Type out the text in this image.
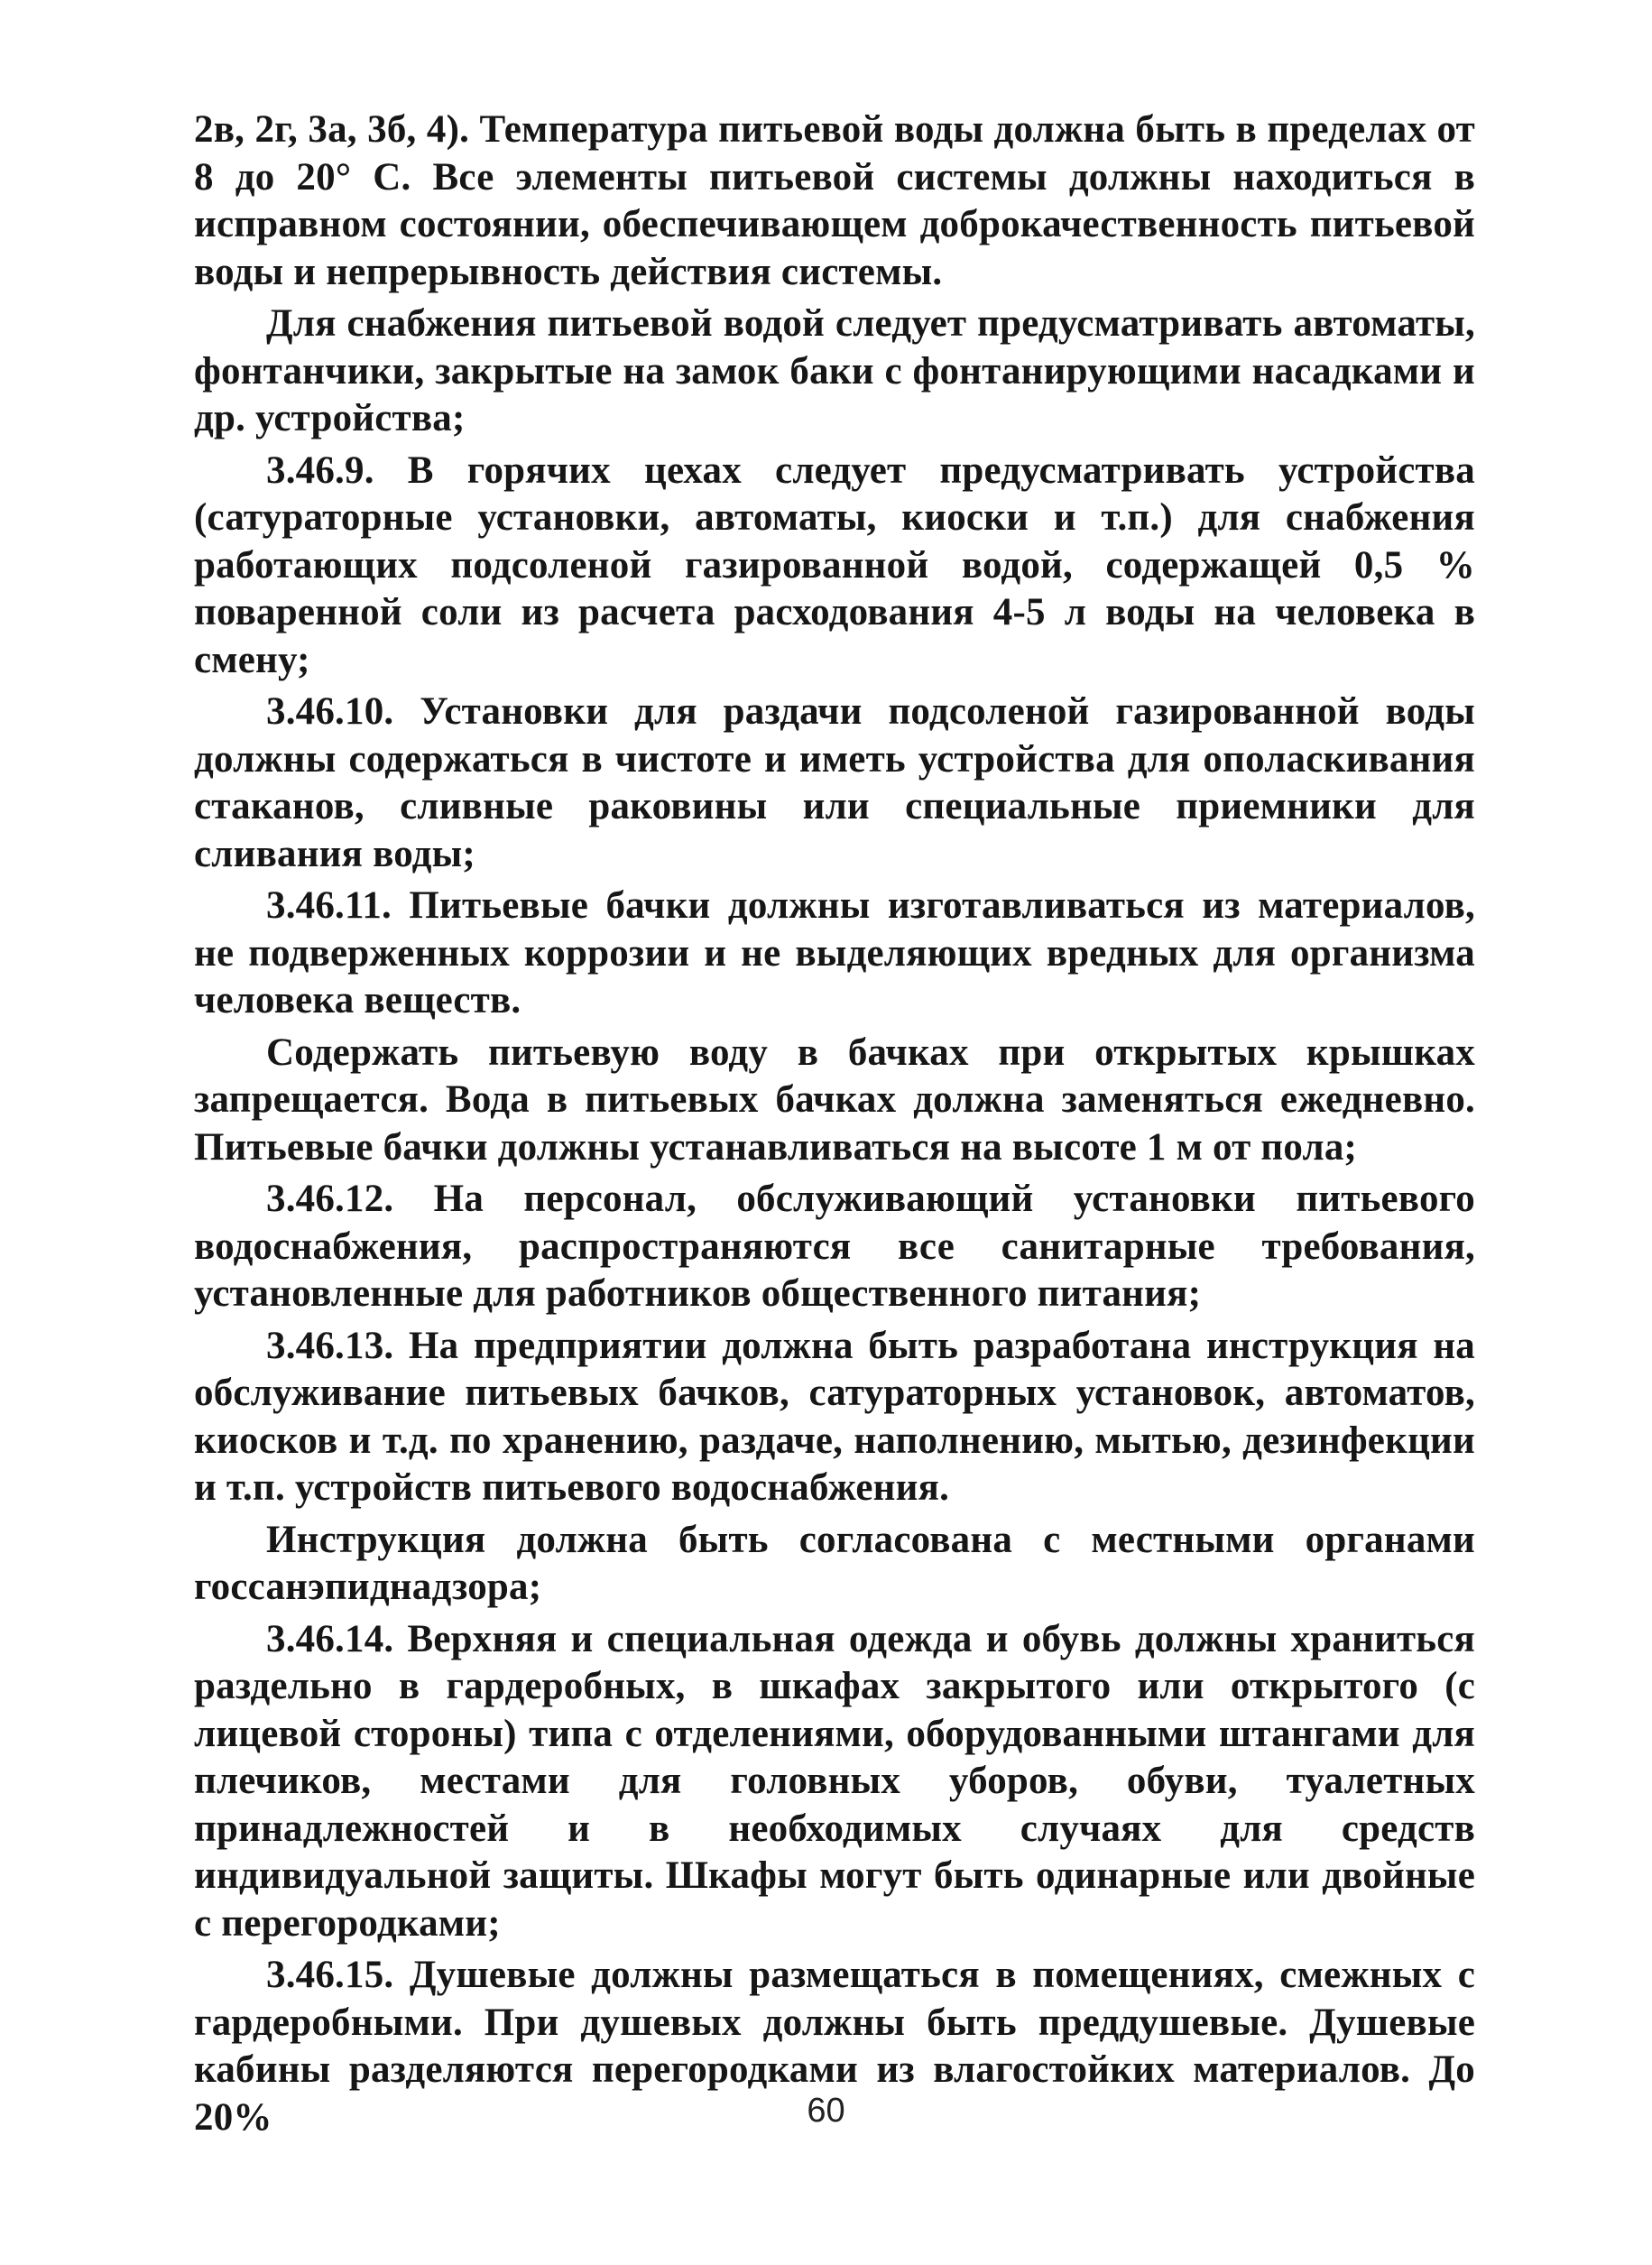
2в, 2г, 3а, 3б, 4). Температура питьевой воды должна быть в пределах от 8 до 20° С. Все элементы питьевой системы должны находиться в исправном состоянии, обеспечивающем доброкачественность питьевой воды и непрерывность действия системы.

Для снабжения питьевой водой следует предусматривать автоматы, фонтанчики, закрытые на замок баки с фонтанирующими насадками и др. устройства;

3.46.9. В горячих цехах следует предусматривать устройства (сатураторные установки, автоматы, киоски и т.п.) для снабжения работающих подсоленой газированной водой, содержащей 0,5 % поваренной соли из расчета расходования 4-5 л воды на человека в смену;

3.46.10. Установки для раздачи подсоленой газированной воды должны содержаться в чистоте и иметь устройства для ополаскивания стаканов, сливные раковины или специальные приемники для сливания воды;

3.46.11. Питьевые бачки должны изготавливаться из материалов, не подверженных коррозии и не выделяющих вредных для организма человека веществ.

Содержать питьевую воду в бачках при открытых крышках запрещается. Вода в питьевых бачках должна заменяться ежедневно. Питьевые бачки должны устанавливаться на высоте 1 м от пола;

3.46.12. На персонал, обслуживающий установки питьевого водоснабжения, распространяются все санитарные требования, установленные для работников общественного питания;

3.46.13. На предприятии должна быть разработана инструкция на обслуживание питьевых бачков, сатураторных установок, автоматов, киосков и т.д. по хранению, раздаче, наполнению, мытью, дезинфекции и т.п. устройств питьевого водоснабжения.

Инструкция должна быть согласована с местными органами госсанэпиднадзора;

3.46.14. Верхняя и специальная одежда и обувь должны храниться раздельно в гардеробных, в шкафах закрытого или открытого (с лицевой стороны) типа с отделениями, оборудованными штангами для плечиков, местами для головных уборов, обуви, туалетных принадлежностей и в необходимых случаях для средств индивидуальной защиты. Шкафы могут быть одинарные или двойные с перегородками;

3.46.15. Душевые должны размещаться в помещениях, смежных с гардеробными. При душевых должны быть преддушевые. Душевые кабины разделяются перегородками из влагостойких материалов. До 20%	60
